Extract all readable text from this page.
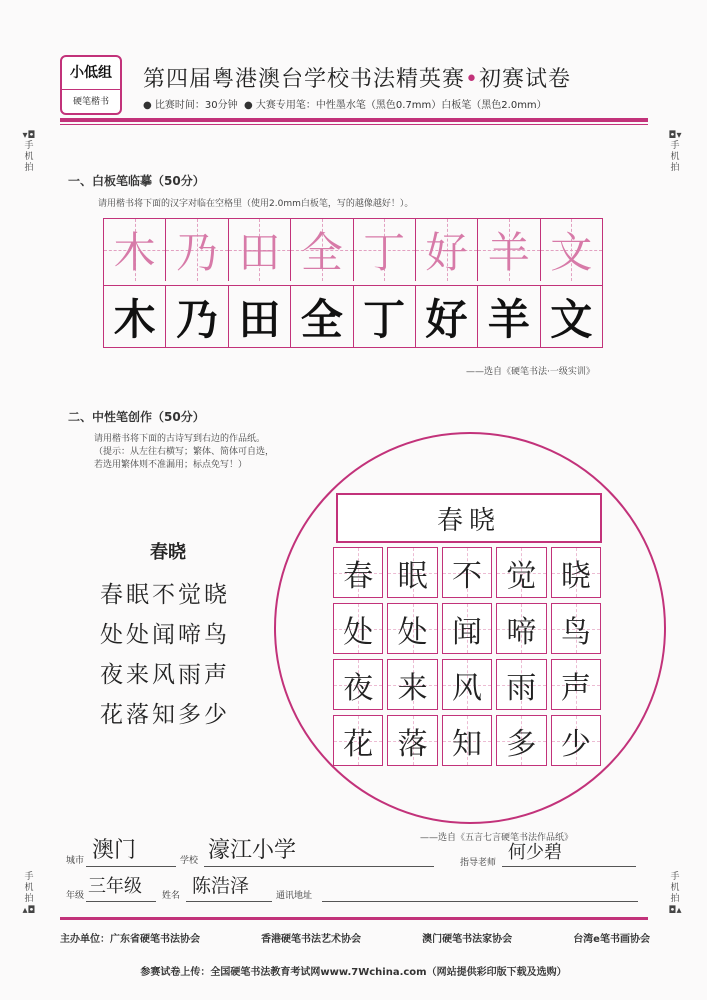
小低组
硬笔楷书
第四届粤港澳台学校书法精英赛•初赛试卷
● 比赛时间：30分钟 ● 大赛专用笔：中性墨水笔（黑色0.7mm）白板笔（黑色2.0mm）
▾◘
手机拍
◘▾
手机拍
手机拍
▴◘
手机拍
◘▴
一、白板笔临摹（50分）
请用楷书将下面的汉字对临在空格里（使用2.0mm白板笔，写的越像越好！）。
木 乃 田 全 丁 好 羊 文
木 乃 田 全 丁 好 羊 文
——选自《硬笔书法·一级实训》
二、中性笔创作（50分）
请用楷书将下面的古诗写到右边的作品纸。
（提示：从左往右横写；繁体、简体可自选，
若选用繁体则不准漏用；标点免写！）
春晓
春眠不觉晓
处处闻啼鸟
夜来风雨声
花落知多少
春晓
春 眠 不 觉 晓
处 处 闻 啼 鸟
夜 来 风 雨 声
花 落 知 多 少
——选自《五言七言硬笔书法作品纸》
城市 澳门	学校 濠江小学	指导老师 何少碧
年级 三年级 姓名 陈浩泽	通讯地址
主办单位：广东省硬笔书法协会	香港硬笔书法艺术协会	澳门硬笔书法家协会	台湾e笔书画协会
参赛试卷上传：全国硬笔书法教育考试网www.7Wchina.com（网站提供彩印版下载及选购）
